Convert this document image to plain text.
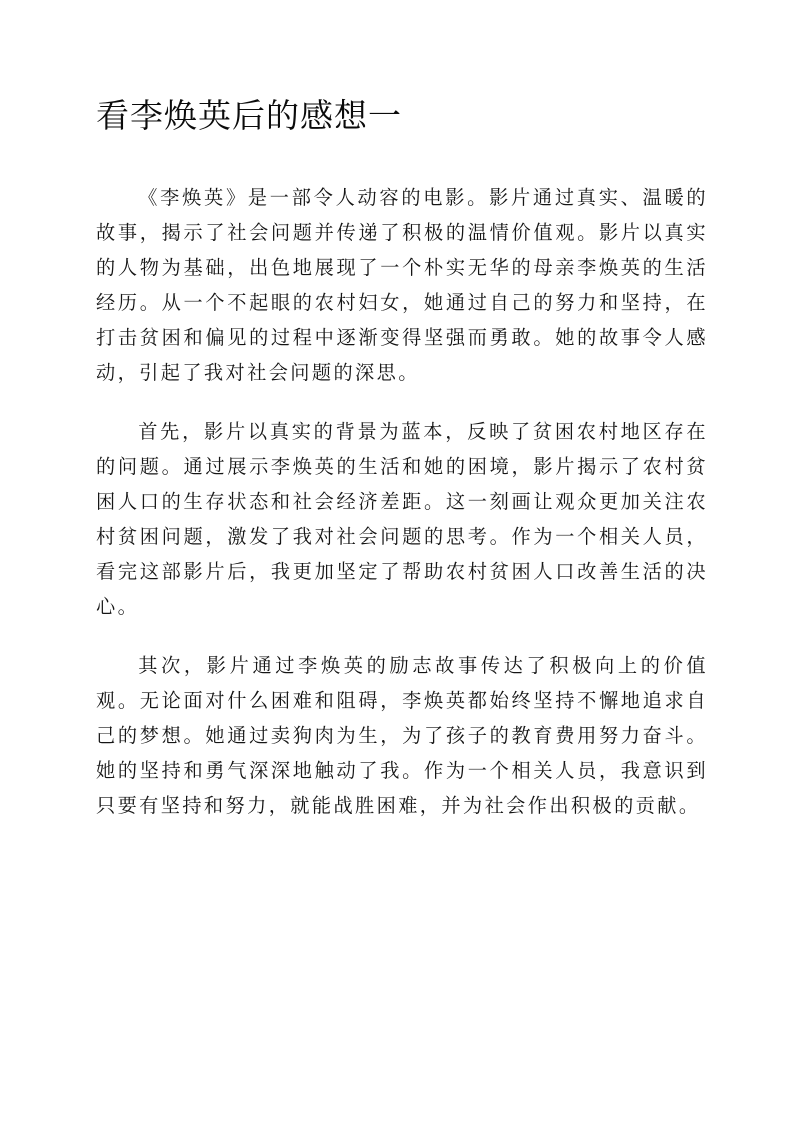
看李焕英后的感想一

《李焕英》是一部令人动容的电影。影片通过真实、温暖的故事，揭示了社会问题并传递了积极的温情价值观。影片以真实的人物为基础，出色地展现了一个朴实无华的母亲李焕英的生活经历。从一个不起眼的农村妇女，她通过自己的努力和坚持，在打击贫困和偏见的过程中逐渐变得坚强而勇敢。她的故事令人感动，引起了我对社会问题的深思。

首先，影片以真实的背景为蓝本，反映了贫困农村地区存在的问题。通过展示李焕英的生活和她的困境，影片揭示了农村贫困人口的生存状态和社会经济差距。这一刻画让观众更加关注农村贫困问题，激发了我对社会问题的思考。作为一个相关人员，看完这部影片后，我更加坚定了帮助农村贫困人口改善生活的决心。

其次，影片通过李焕英的励志故事传达了积极向上的价值观。无论面对什么困难和阻碍，李焕英都始终坚持不懈地追求自己的梦想。她通过卖狗肉为生，为了孩子的教育费用努力奋斗。她的坚持和勇气深深地触动了我。作为一个相关人员，我意识到只要有坚持和努力，就能战胜困难，并为社会作出积极的贡献。
